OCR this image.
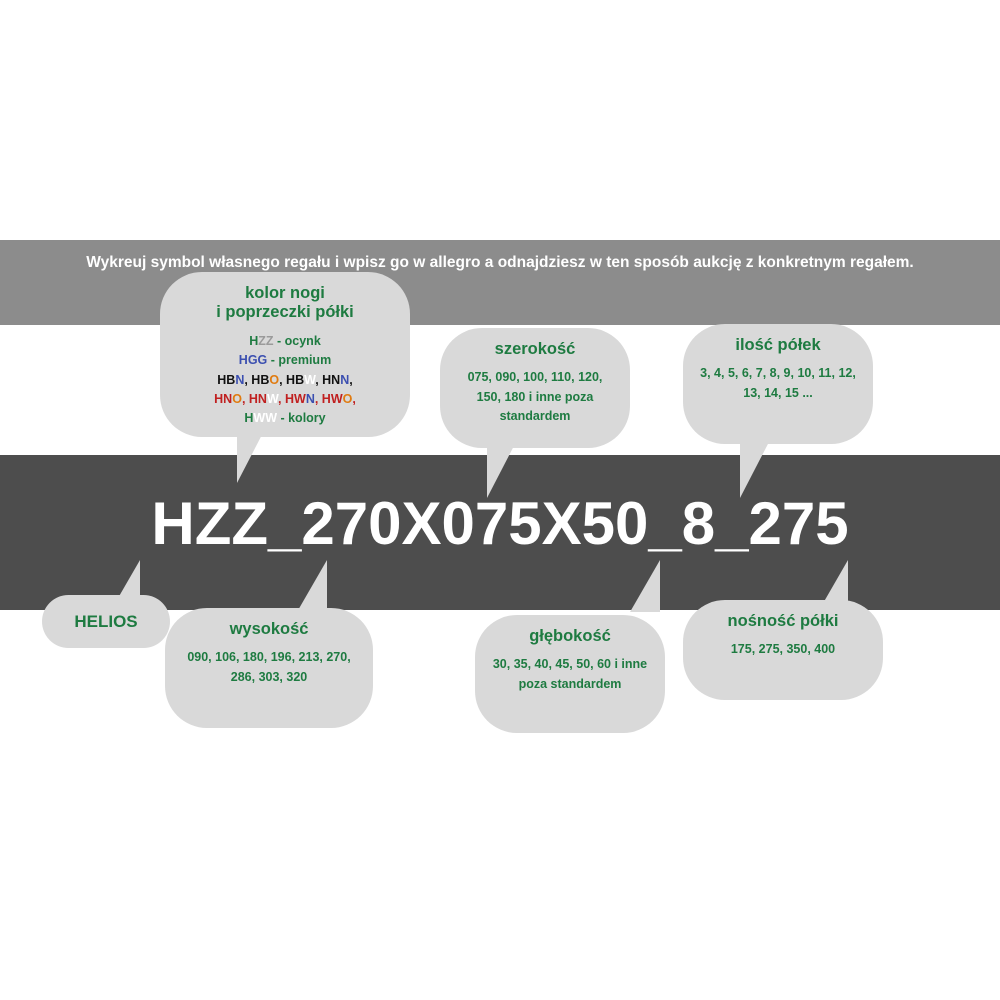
Wykreuj symbol własnego regału i wpisz go w allegro a odnajdziesz w ten sposób aukcję z konkretnym regałem.
HZZ_270X075X50_8_275
kolor nogi
i poprzeczki półki
HZZ - ocynk
HGG - premium
HBN, HBO, HBW, HNN,
HNO, HNW, HWN, HWO,
HWW - kolory
szerokość
075, 090, 100, 110, 120, 150, 180 i inne poza standardem
ilość półek
3, 4, 5, 6, 7, 8, 9, 10, 11, 12, 13, 14, 15 ...
HELIOS	wysokość
090, 106, 180, 196, 213, 270, 286, 303, 320
głębokość
30, 35, 40, 45, 50, 60 i inne poza standardem
nośność półki
175, 275, 350, 400
